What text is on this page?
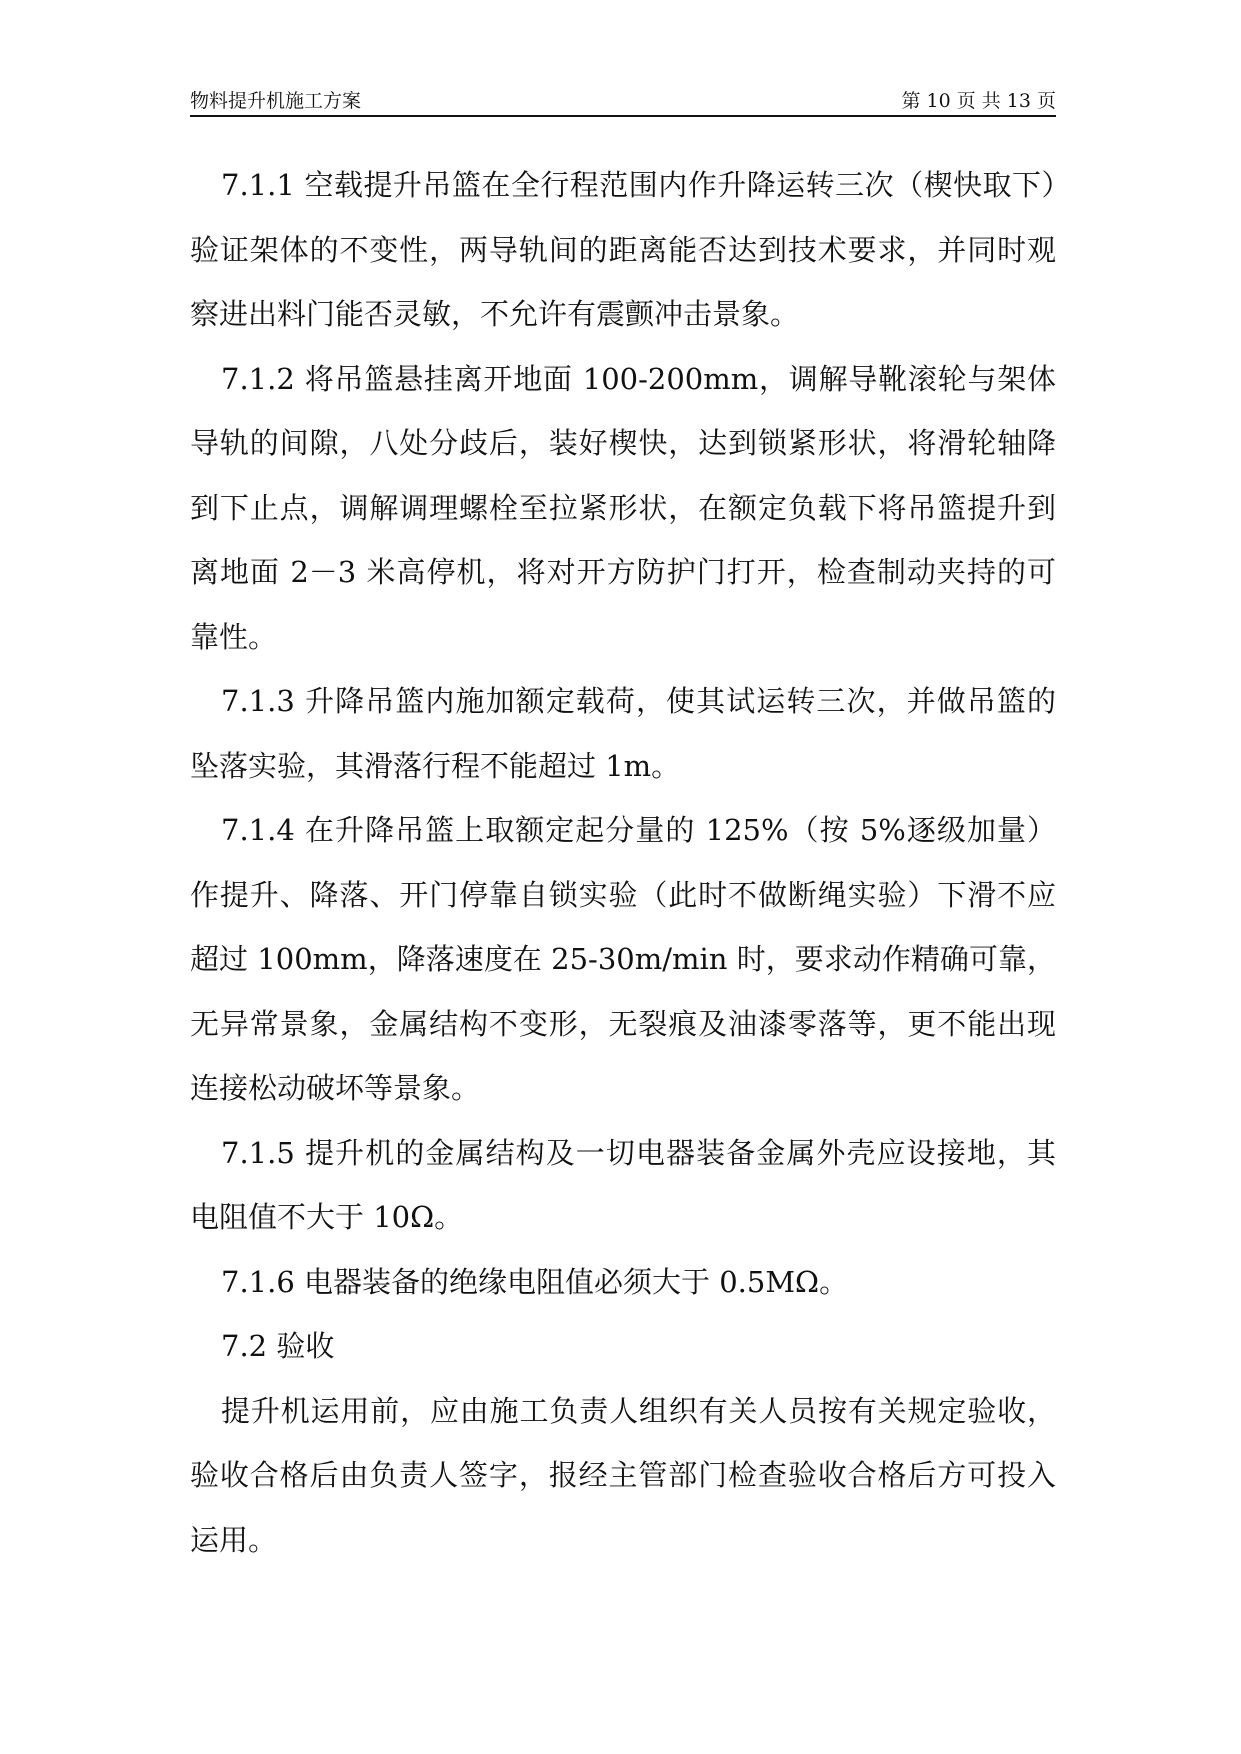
物料提升机施工方案	第 10 页 共 13 页

7.1.1 空载提升吊篮在全行程范围内作升降运转三次（楔快取下）验证架体的不变性，两导轨间的距离能否达到技术要求，并同时观察进出料门能否灵敏，不允许有震颤冲击景象。

7.1.2 将吊篮悬挂离开地面 100-200mm，调解导靴滚轮与架体导轨的间隙，八处分歧后，装好楔快，达到锁紧形状，将滑轮轴降到下止点，调解调理螺栓至拉紧形状，在额定负载下将吊篮提升到离地面 2－3 米高停机，将对开方防护门打开，检查制动夹持的可靠性。

7.1.3 升降吊篮内施加额定载荷，使其试运转三次，并做吊篮的坠落实验，其滑落行程不能超过 1m。

7.1.4 在升降吊篮上取额定起分量的 125%（按 5%逐级加量）作提升、降落、开门停靠自锁实验（此时不做断绳实验）下滑不应超过 100mm，降落速度在 25-30m/min 时，要求动作精确可靠，无异常景象，金属结构不变形，无裂痕及油漆零落等，更不能出现连接松动破坏等景象。

7.1.5 提升机的金属结构及一切电器装备金属外壳应设接地，其电阻值不大于 10Ω。

7.1.6 电器装备的绝缘电阻值必须大于 0.5MΩ。

7.2 验收

提升机运用前，应由施工负责人组织有关人员按有关规定验收，验收合格后由负责人签字，报经主管部门检查验收合格后方可投入运用。
